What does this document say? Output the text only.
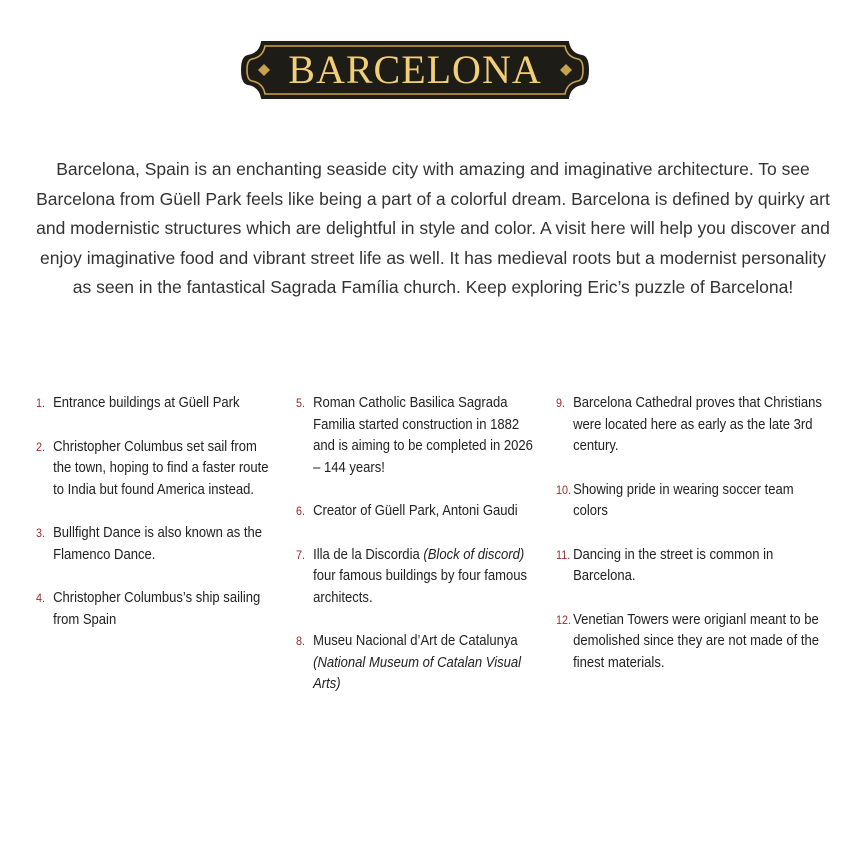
BARCELONA

Barcelona, Spain is an enchanting seaside city with amazing and imaginative architecture. To see Barcelona from Güell Park feels like being a part of a colorful dream. Barcelona is defined by quirky art and modernistic structures which are delightful in style and color. A visit here will help you discover and enjoy imaginative food and vibrant street life as well. It has medieval roots but a modernist personality as seen in the fantastical Sagrada Família church. Keep exploring Eric’s puzzle of Barcelona!

1. Entrance buildings at Güell Park
2. Christopher Columbus set sail from the town, hoping to find a faster route to India but found America instead.
3. Bullfight Dance is also known as the Flamenco Dance.
4. Christopher Columbus’s ship sailing from Spain
5. Roman Catholic Basilica Sagrada Familia started construction in 1882 and is aiming to be completed in 2026 – 144 years!
6. Creator of Güell Park, Antoni Gaudi
7. Illa de la Discordia (Block of discord) four famous buildings by four famous architects.
8. Museu Nacional d’Art de Catalunya (National Museum of Catalan Visual Arts)
9. Barcelona Cathedral proves that Christians were located here as early as the late 3rd century.
10. Showing pride in wearing soccer team colors
11. Dancing in the street is common in Barcelona.
12. Venetian Towers were origianl meant to be demolished since they are not made of the finest materials.
